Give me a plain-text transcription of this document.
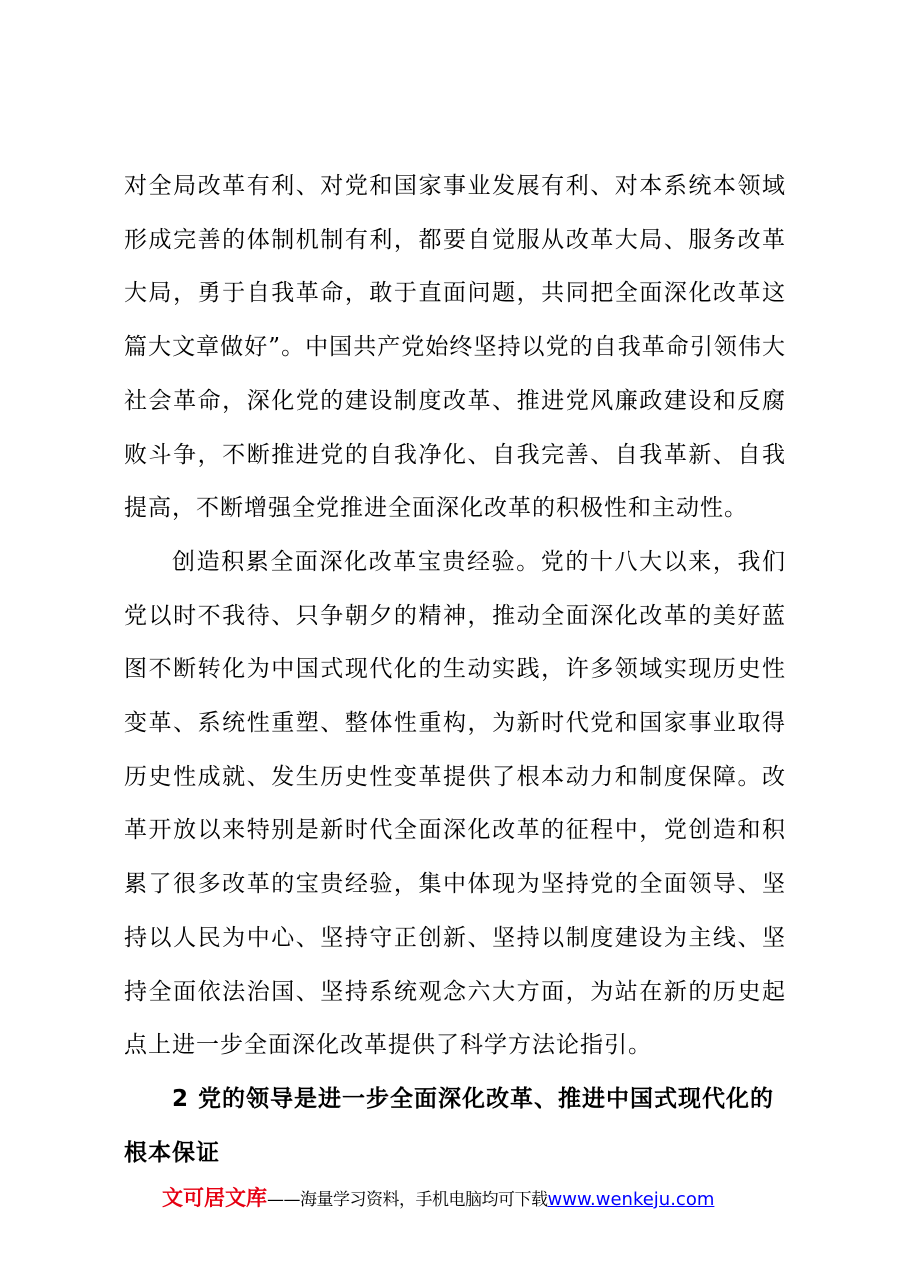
对全局改革有利、对党和国家事业发展有利、对本系统本领域形成完善的体制机制有利，都要自觉服从改革大局、服务改革大局，勇于自我革命，敢于直面问题，共同把全面深化改革这篇大文章做好”。中国共产党始终坚持以党的自我革命引领伟大社会革命，深化党的建设制度改革、推进党风廉政建设和反腐败斗争，不断推进党的自我净化、自我完善、自我革新、自我提高，不断增强全党推进全面深化改革的积极性和主动性。

创造积累全面深化改革宝贵经验。党的十八大以来，我们党以时不我待、只争朝夕的精神，推动全面深化改革的美好蓝图不断转化为中国式现代化的生动实践，许多领域实现历史性变革、系统性重塑、整体性重构，为新时代党和国家事业取得历史性成就、发生历史性变革提供了根本动力和制度保障。改革开放以来特别是新时代全面深化改革的征程中，党创造和积累了很多改革的宝贵经验，集中体现为坚持党的全面领导、坚持以人民为中心、坚持守正创新、坚持以制度建设为主线、坚持全面依法治国、坚持系统观念六大方面，为站在新的历史起点上进一步全面深化改革提供了科学方法论指引。

2 党的领导是进一步全面深化改革、推进中国式现代化的根本保证

文可居文库——海量学习资料，手机电脑均可下载www.wenkeju.com
